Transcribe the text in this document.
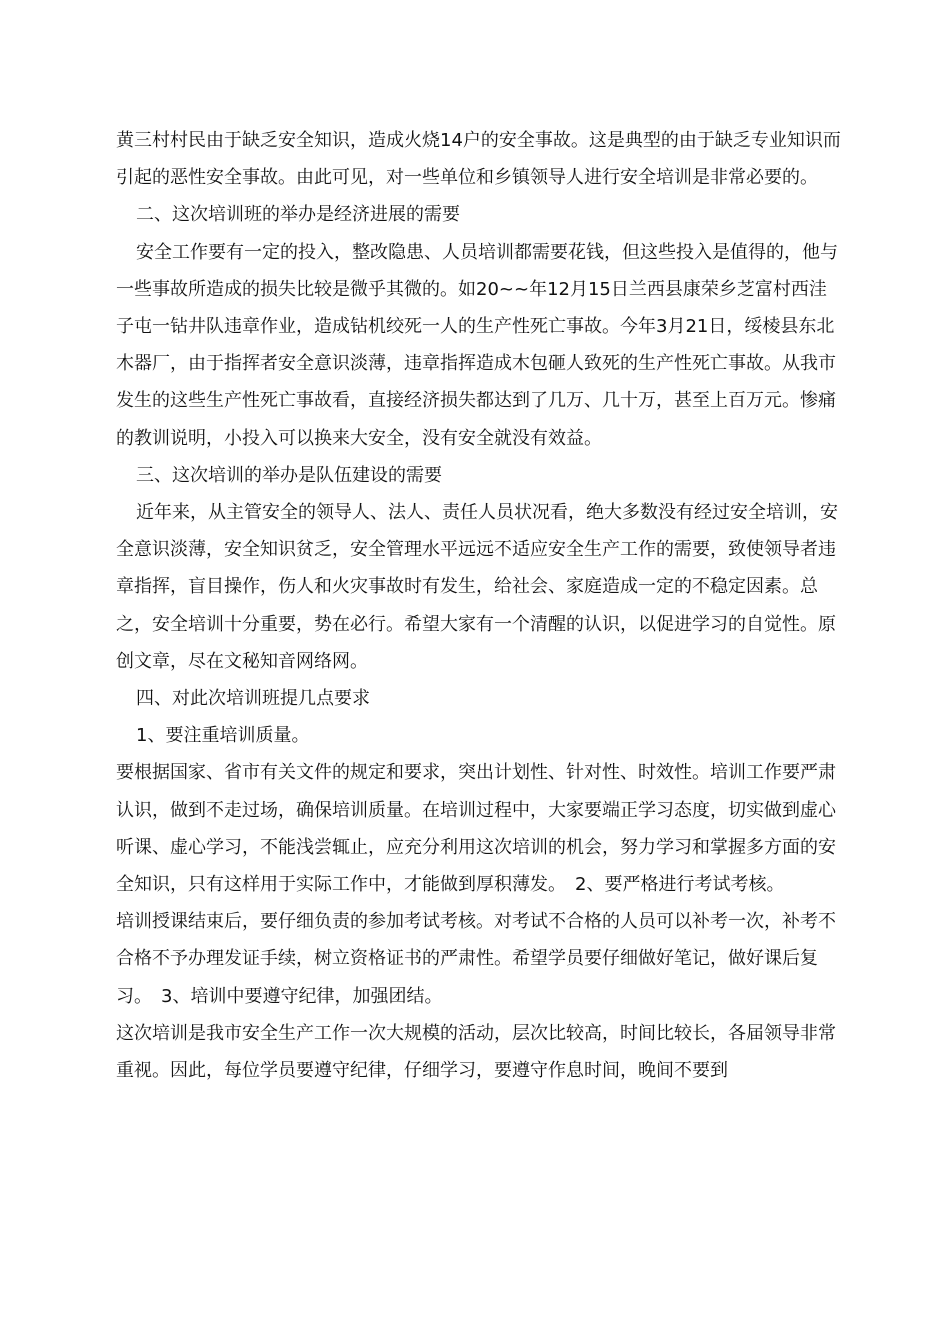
黄三村村民由于缺乏安全知识，造成火烧14户的安全事故。这是典型的由于缺乏专业知识而引起的恶性安全事故。由此可见，对一些单位和乡镇领导人进行安全培训是非常必要的。

二、这次培训班的举办是经济进展的需要

安全工作要有一定的投入，整改隐患、人员培训都需要花钱，但这些投入是值得的，他与一些事故所造成的损失比较是微乎其微的。如20~~年12月15日兰西县康荣乡芝富村西洼子屯一钻井队违章作业，造成钻机绞死一人的生产性死亡事故。今年3月21日，绥棱县东北木器厂，由于指挥者安全意识淡薄，违章指挥造成木包砸人致死的生产性死亡事故。从我市发生的这些生产性死亡事故看，直接经济损失都达到了几万、几十万，甚至上百万元。惨痛的教训说明，小投入可以换来大安全，没有安全就没有效益。

三、这次培训的举办是队伍建设的需要

近年来，从主管安全的领导人、法人、责任人员状况看，绝大多数没有经过安全培训，安全意识淡薄，安全知识贫乏，安全管理水平远远不适应安全生产工作的需要，致使领导者违章指挥，盲目操作，伤人和火灾事故时有发生，给社会、家庭造成一定的不稳定因素。总之，安全培训十分重要，势在必行。希望大家有一个清醒的认识，以促进学习的自觉性。原创文章，尽在文秘知音网络网。

四、对此次培训班提几点要求

1、要注重培训质量。

要根据国家、省市有关文件的规定和要求，突出计划性、针对性、时效性。培训工作要严肃认识，做到不走过场，确保培训质量。在培训过程中，大家要端正学习态度，切实做到虚心听课、虚心学习，不能浅尝辄止，应充分利用这次培训的机会，努力学习和掌握多方面的安全知识，只有这样用于实际工作中，才能做到厚积薄发。　2、要严格进行考试考核。

培训授课结束后，要仔细负责的参加考试考核。对考试不合格的人员可以补考一次，补考不合格不予办理发证手续，树立资格证书的严肃性。希望学员要仔细做好笔记，做好课后复习。　3、培训中要遵守纪律，加强团结。

这次培训是我市安全生产工作一次大规模的活动，层次比较高，时间比较长，各届领导非常重视。因此，每位学员要遵守纪律，仔细学习，要遵守作息时间，晚间不要到
